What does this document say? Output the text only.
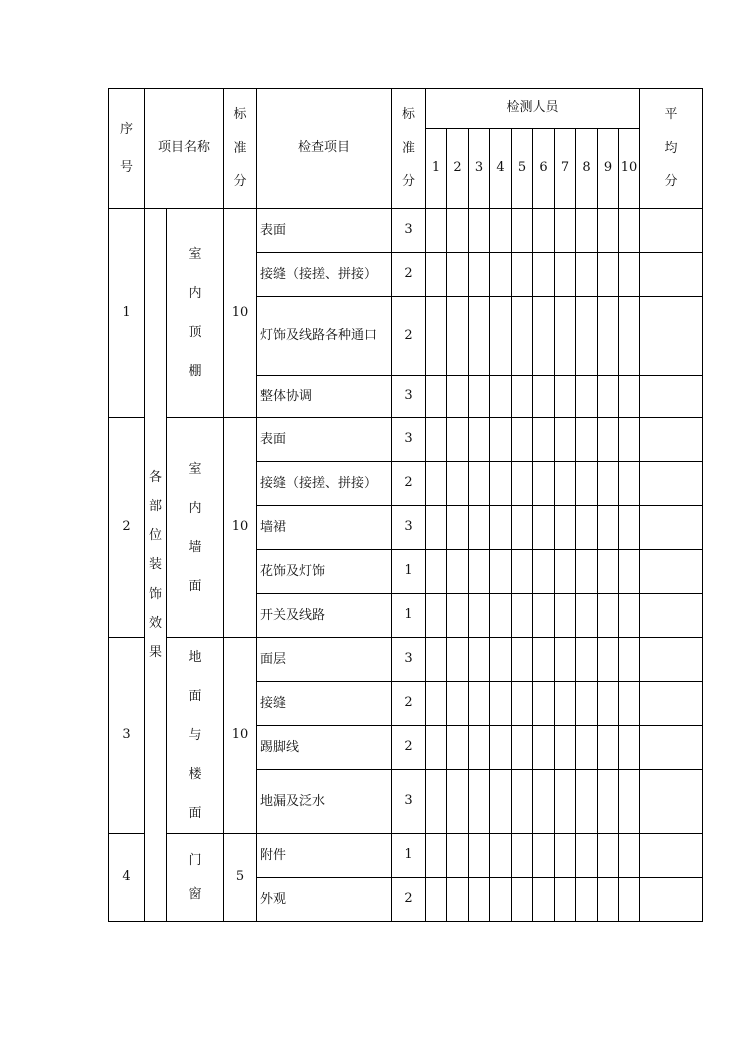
序号	项目名称		标准分	检查项目	标准分	检测人员										平均分
						1	2	3	4	5	6	7	8	9	10	
1	各部位装饰效果	室内顶棚	10	表面	3											
				接缝（接搓、拼接）	2											
				灯饰及线路各种通口	2											
				整体协调	3											
2		室内墙面	10	表面	3											
				接缝（接搓、拼接）	2											
				墙裙	3											
				花饰及灯饰	1											
				开关及线路	1											
3		地面与楼面	10	面层	3											
				接缝	2											
				踢脚线	2											
				地漏及泛水	3											
4		门窗	5	附件	1											
				外观	2											
